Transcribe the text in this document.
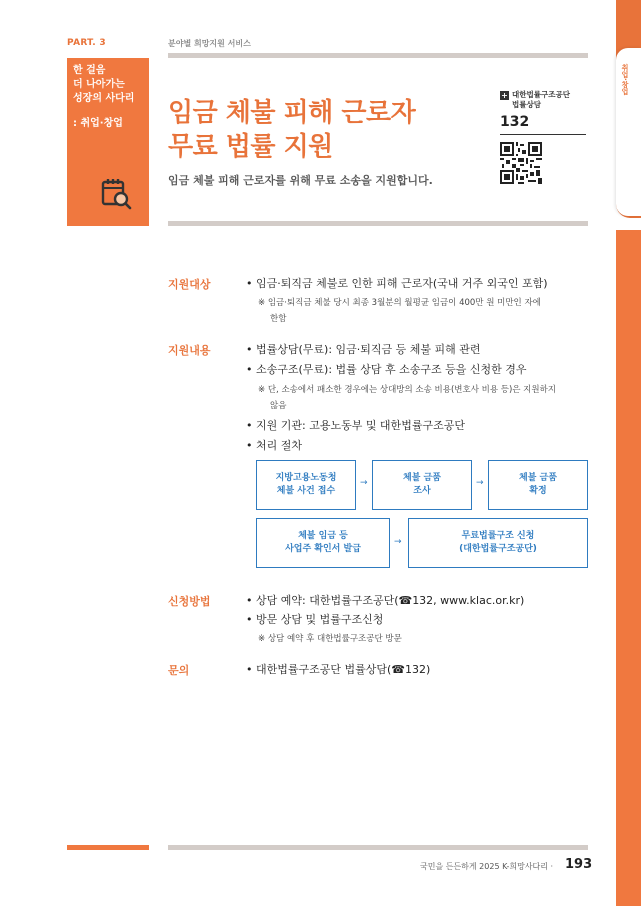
PART. 3	분야별 희망지원 서비스
한 걸음
더 나아가는
성장의 사다리
: 취업·창업	임금 체불 피해 근로자
무료 법률 지원
임금 체불 피해 근로자를 위해 무료 소송을 지원합니다.
+ 대한법률구조공단
법률상담
132
취업·창업
지원대상	• 임금·퇴직금 체불로 인한 피해 근로자(국내 거주 외국인 포함)
※ 임금·퇴직금 체불 당시 최종 3월분의 월평균 임금이 400만 원 미만인 자에
한함
지원내용	• 법률상담(무료): 임금·퇴직금 등 체불 피해 관련
• 소송구조(무료): 법률 상담 후 소송구조 등을 신청한 경우
※ 단, 소송에서 패소한 경우에는 상대방의 소송 비용(변호사 비용 등)은 지원하지
않음
• 지원 기관: 고용노동부 및 대한법률구조공단
• 처리 절차
지방고용노동청
체불 사건 접수
→	체불 금품
조사
→	체불 금품
확정
체불 임금 등
사업주 확인서 발급
→
무료법률구조 신청
(대한법률구조공단)
신청방법	• 상담 예약: 대한법률구조공단(☎132, www.klac.or.kr)
• 방문 상담 및 법률구조신청
※ 상담 예약 후 대한법률구조공단 방문
문의	• 대한법률구조공단 법률상담(☎132)
국민을 든든하게 2025 K-희망사다리 · 193
